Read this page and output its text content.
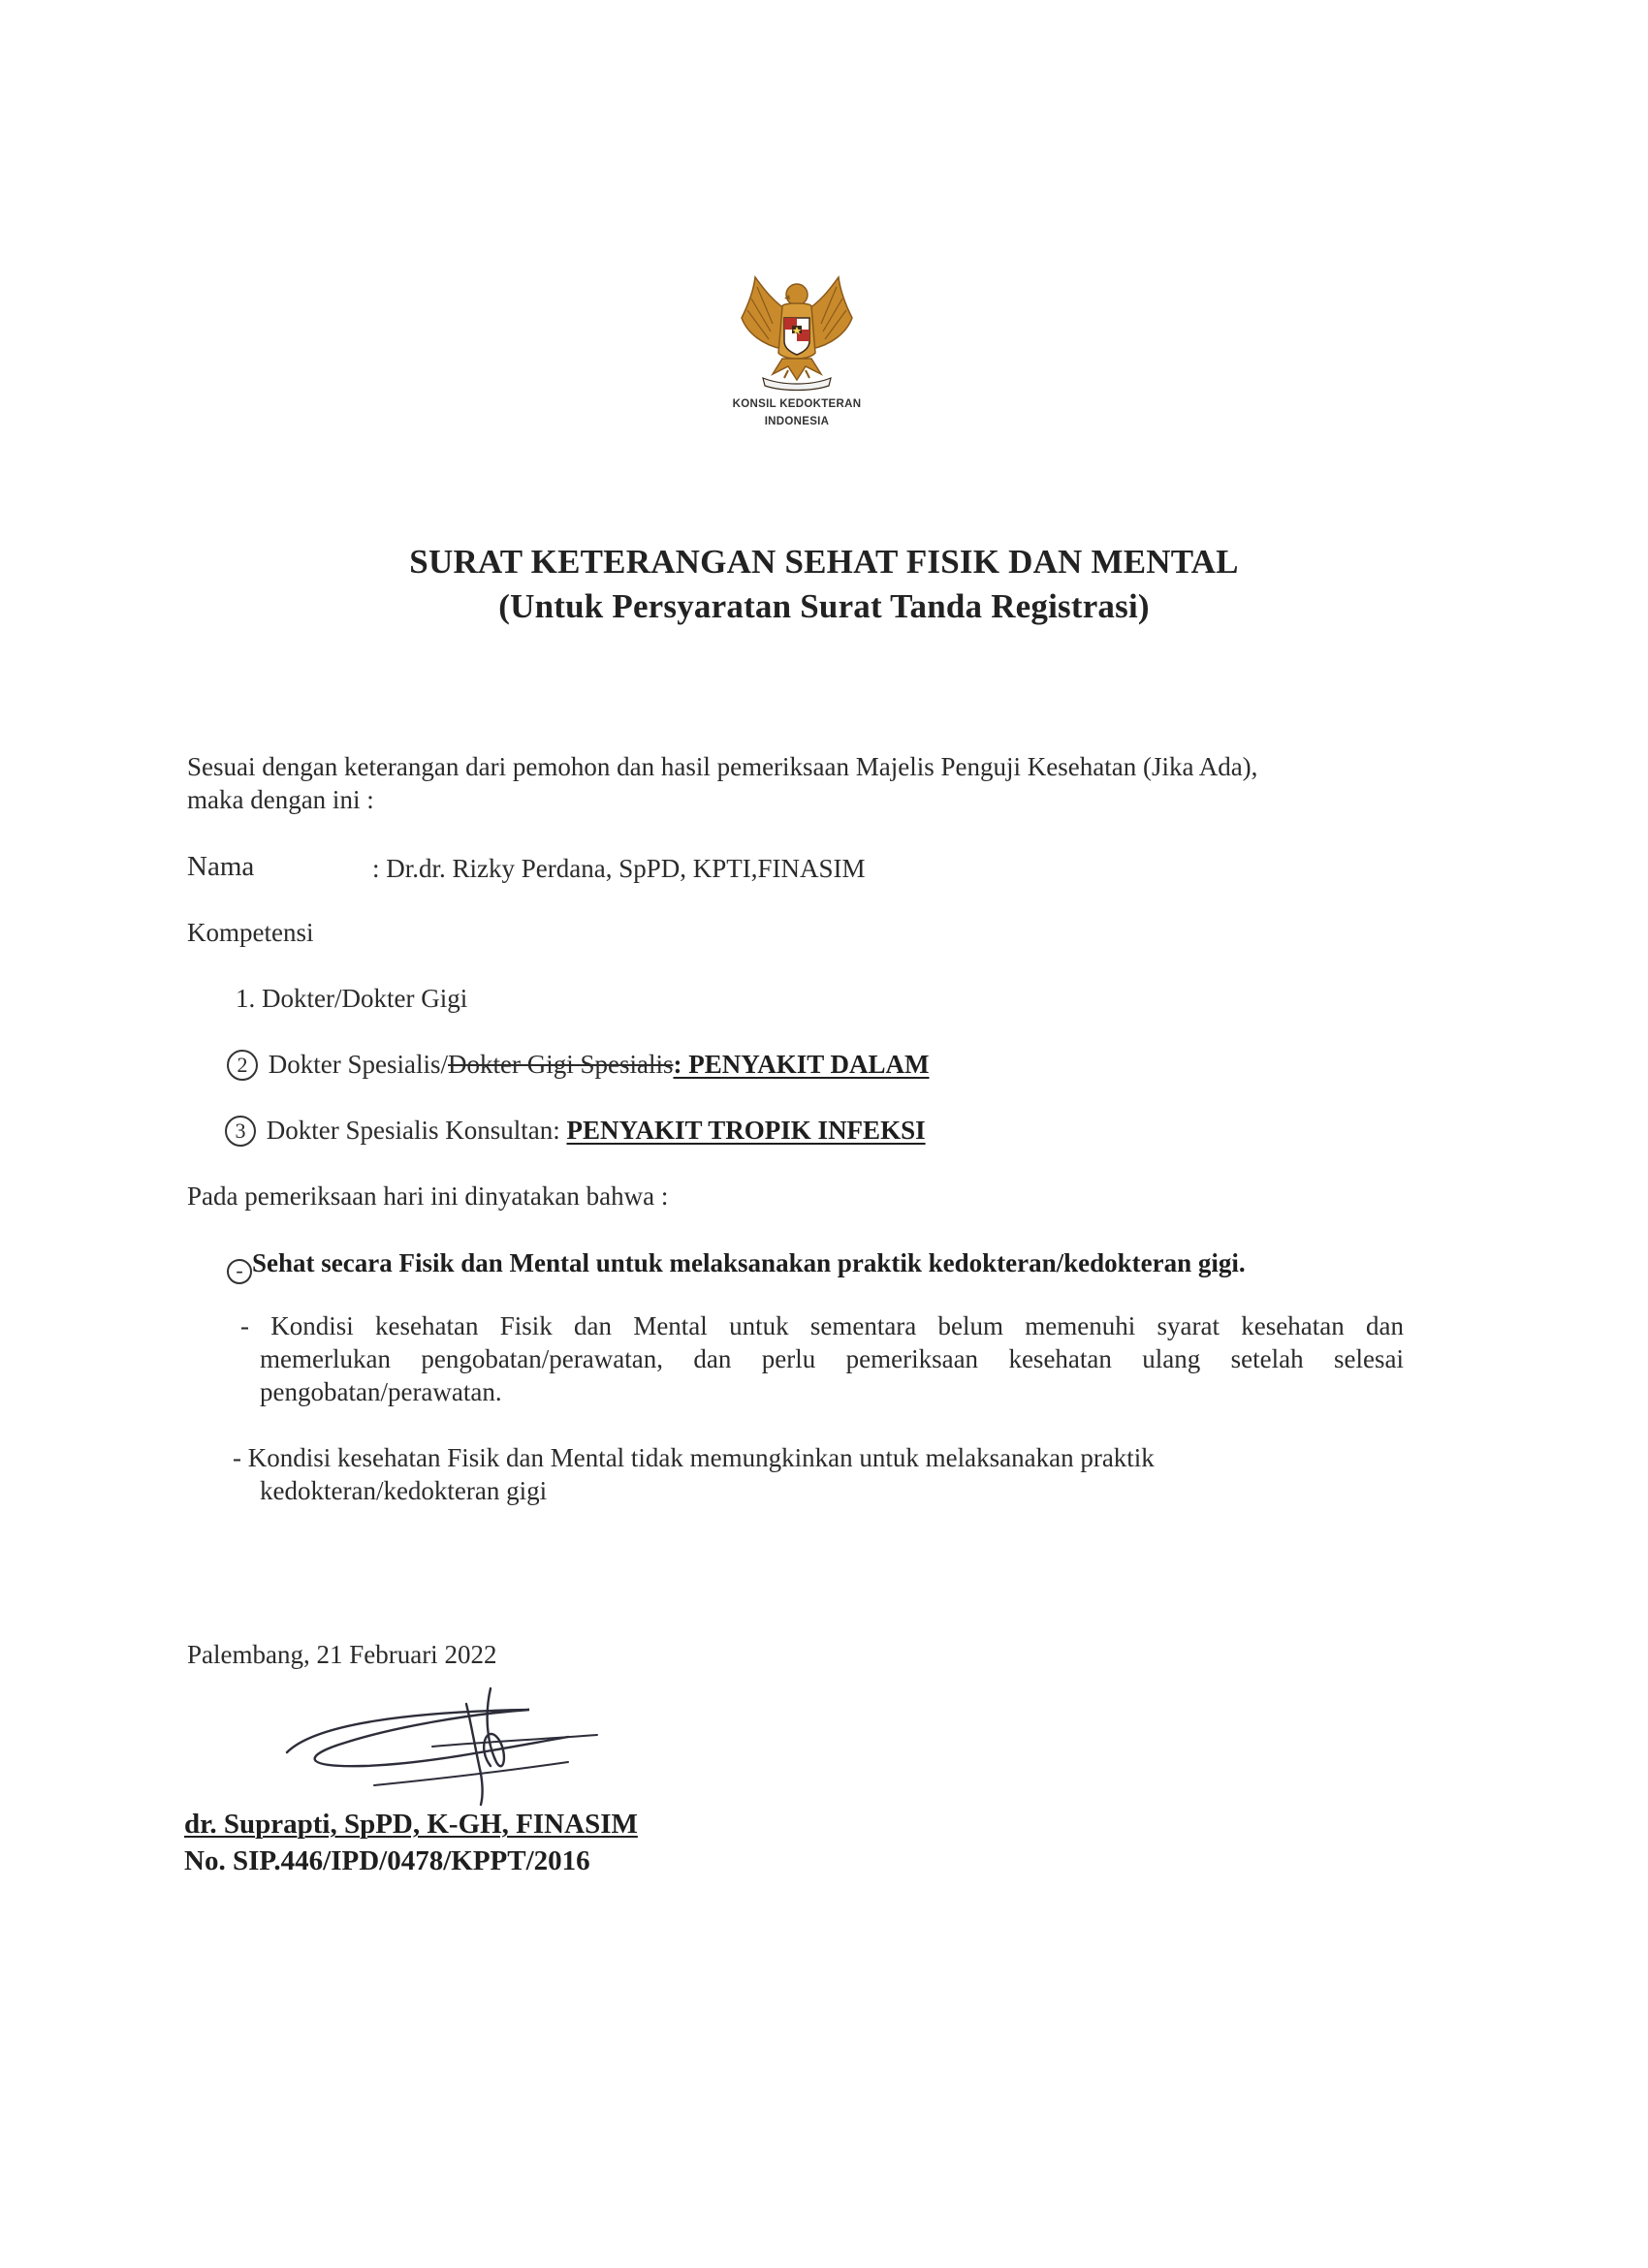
KONSIL KEDOKTERAN
INDONESIA
SURAT KETERANGAN SEHAT FISIK DAN MENTAL
(Untuk Persyaratan Surat Tanda Registrasi)
Sesuai dengan keterangan dari pemohon dan hasil pemeriksaan Majelis Penguji Kesehatan (Jika Ada),
maka dengan ini :
Nama	: Dr.dr. Rizky Perdana, SpPD, KPTI,FINASIM
Kompetensi
1. Dokter/Dokter Gigi
2 Dokter Spesialis/Dokter Gigi Spesialis: PENYAKIT DALAM
3 Dokter Spesialis Konsultan: PENYAKIT TROPIK INFEKSI
Pada pemeriksaan hari ini dinyatakan bahwa :
- Sehat secara Fisik dan Mental untuk melaksanakan praktik kedokteran/kedokteran gigi.
- Kondisi kesehatan Fisik dan Mental untuk sementara belum memenuhi syarat kesehatan dan
memerlukan pengobatan/perawatan, dan perlu pemeriksaan kesehatan ulang setelah selesai
pengobatan/perawatan.
- Kondisi kesehatan Fisik dan Mental tidak memungkinkan untuk melaksanakan praktik
kedokteran/kedokteran gigi
Palembang, 21 Februari 2022
dr. Suprapti, SpPD, K-GH, FINASIM
No. SIP.446/IPD/0478/KPPT/2016
